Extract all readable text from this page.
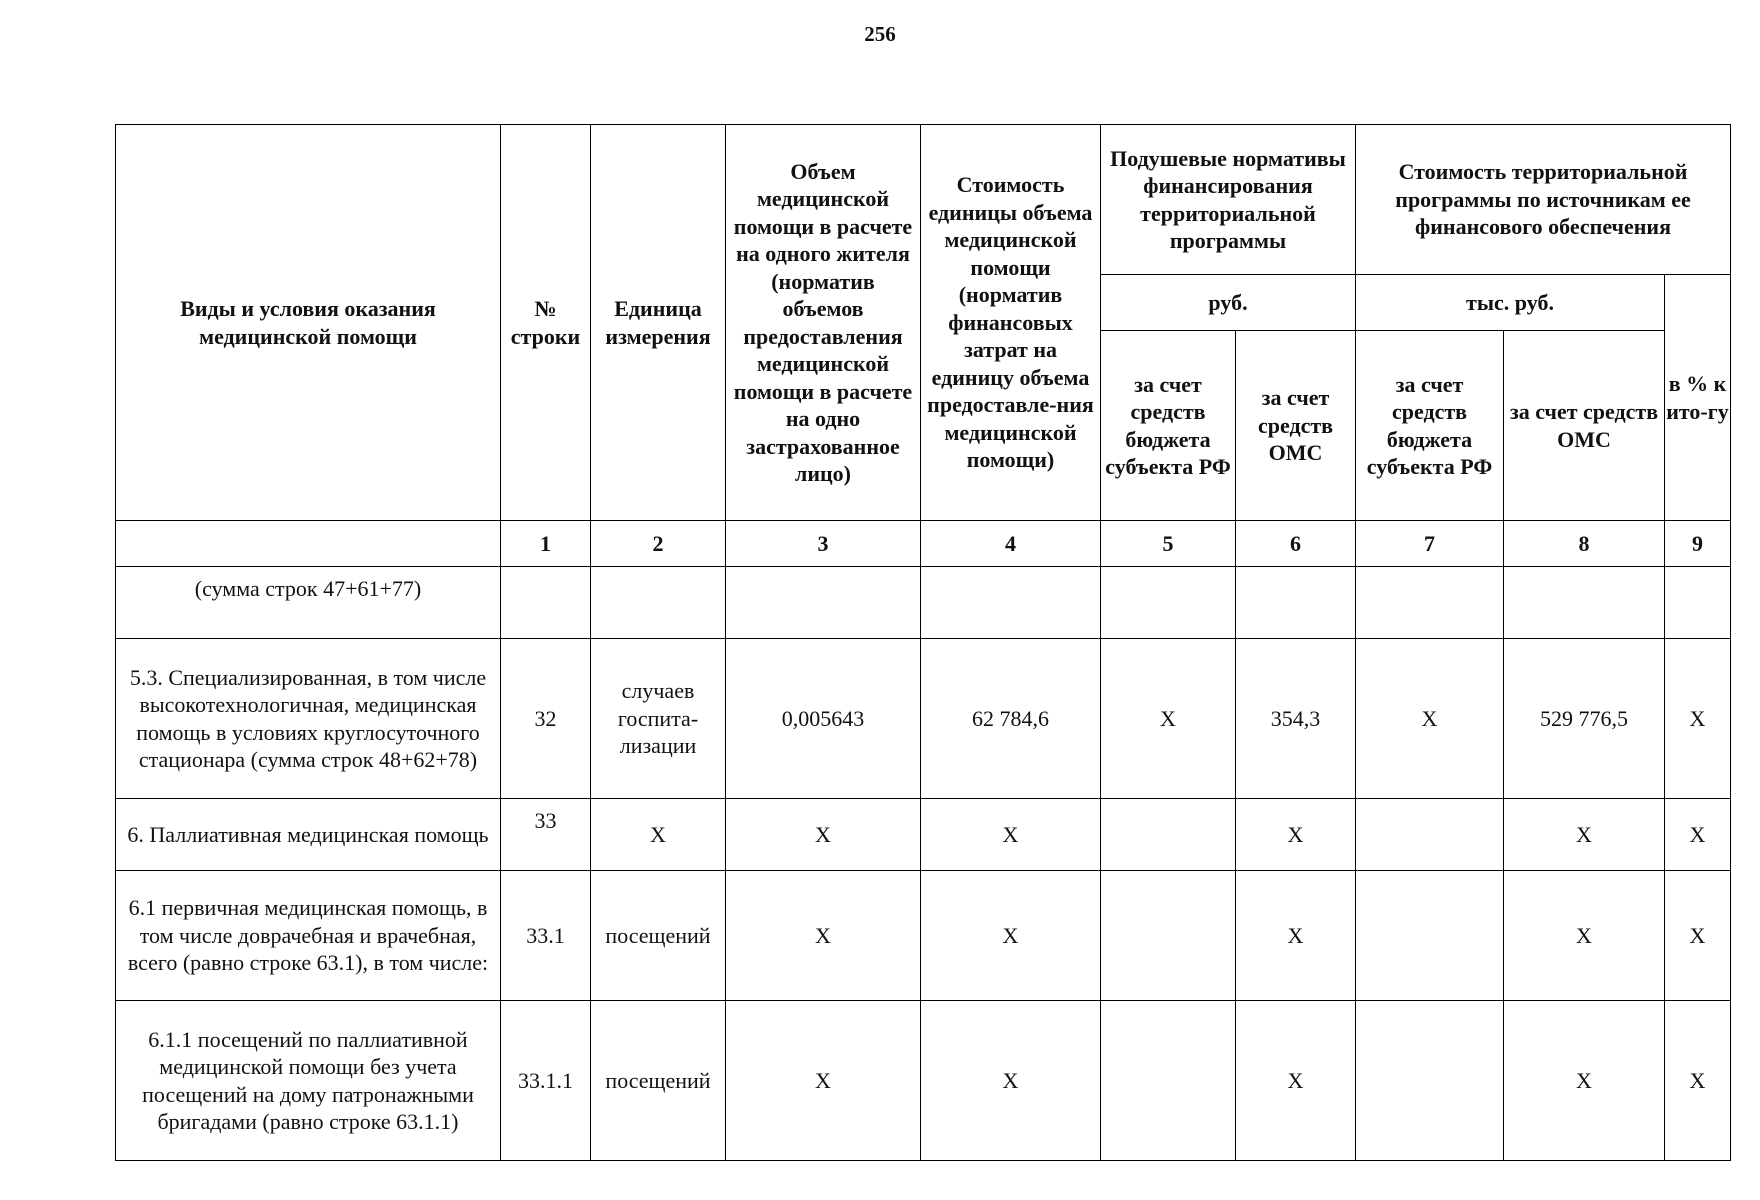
256
Виды и условия оказания медицинской помощи	№ строки	Единица измерения	Объем медицинской помощи в расчете на одного жителя (норматив объемов предоставления медицинской помощи в расчете на одно застрахованное лицо)	Стоимость единицы объема медицинской помощи (норматив финансовых затрат на единицу объема предоставле-ния медицинской помощи)	Подушевые нормативы финансирования территориальной программы		Стоимость территориальной программы по источникам ее финансового обеспечения		
					руб.		тыс. руб.		в % к ито-гу
					за счет средств бюджета субъекта РФ	за счет средств ОМС	за счет средств бюджета субъекта РФ	за счет средств ОМС	
	1	2	3	4	5	6	7	8	9
(сумма строк 47+61+77)									
5.3. Специализированная, в том числе высокотехнологичная, медицинская помощь в условиях круглосуточного стационара (сумма строк 48+62+78)	32	случаев госпита-лизации	0,005643	62 784,6	X	354,3	X	529 776,5	X
6. Паллиативная медицинская помощь	33	X	X	X		X		X	X
6.1 первичная медицинская помощь, в том числе доврачебная и врачебная, всего (равно строке 63.1), в том числе:	33.1	посещений	X	X		X		X	X
6.1.1 посещений по паллиативной медицинской помощи без учета посещений на дому патронажными бригадами (равно строке 63.1.1)	33.1.1	посещений	X	X		X		X	X
